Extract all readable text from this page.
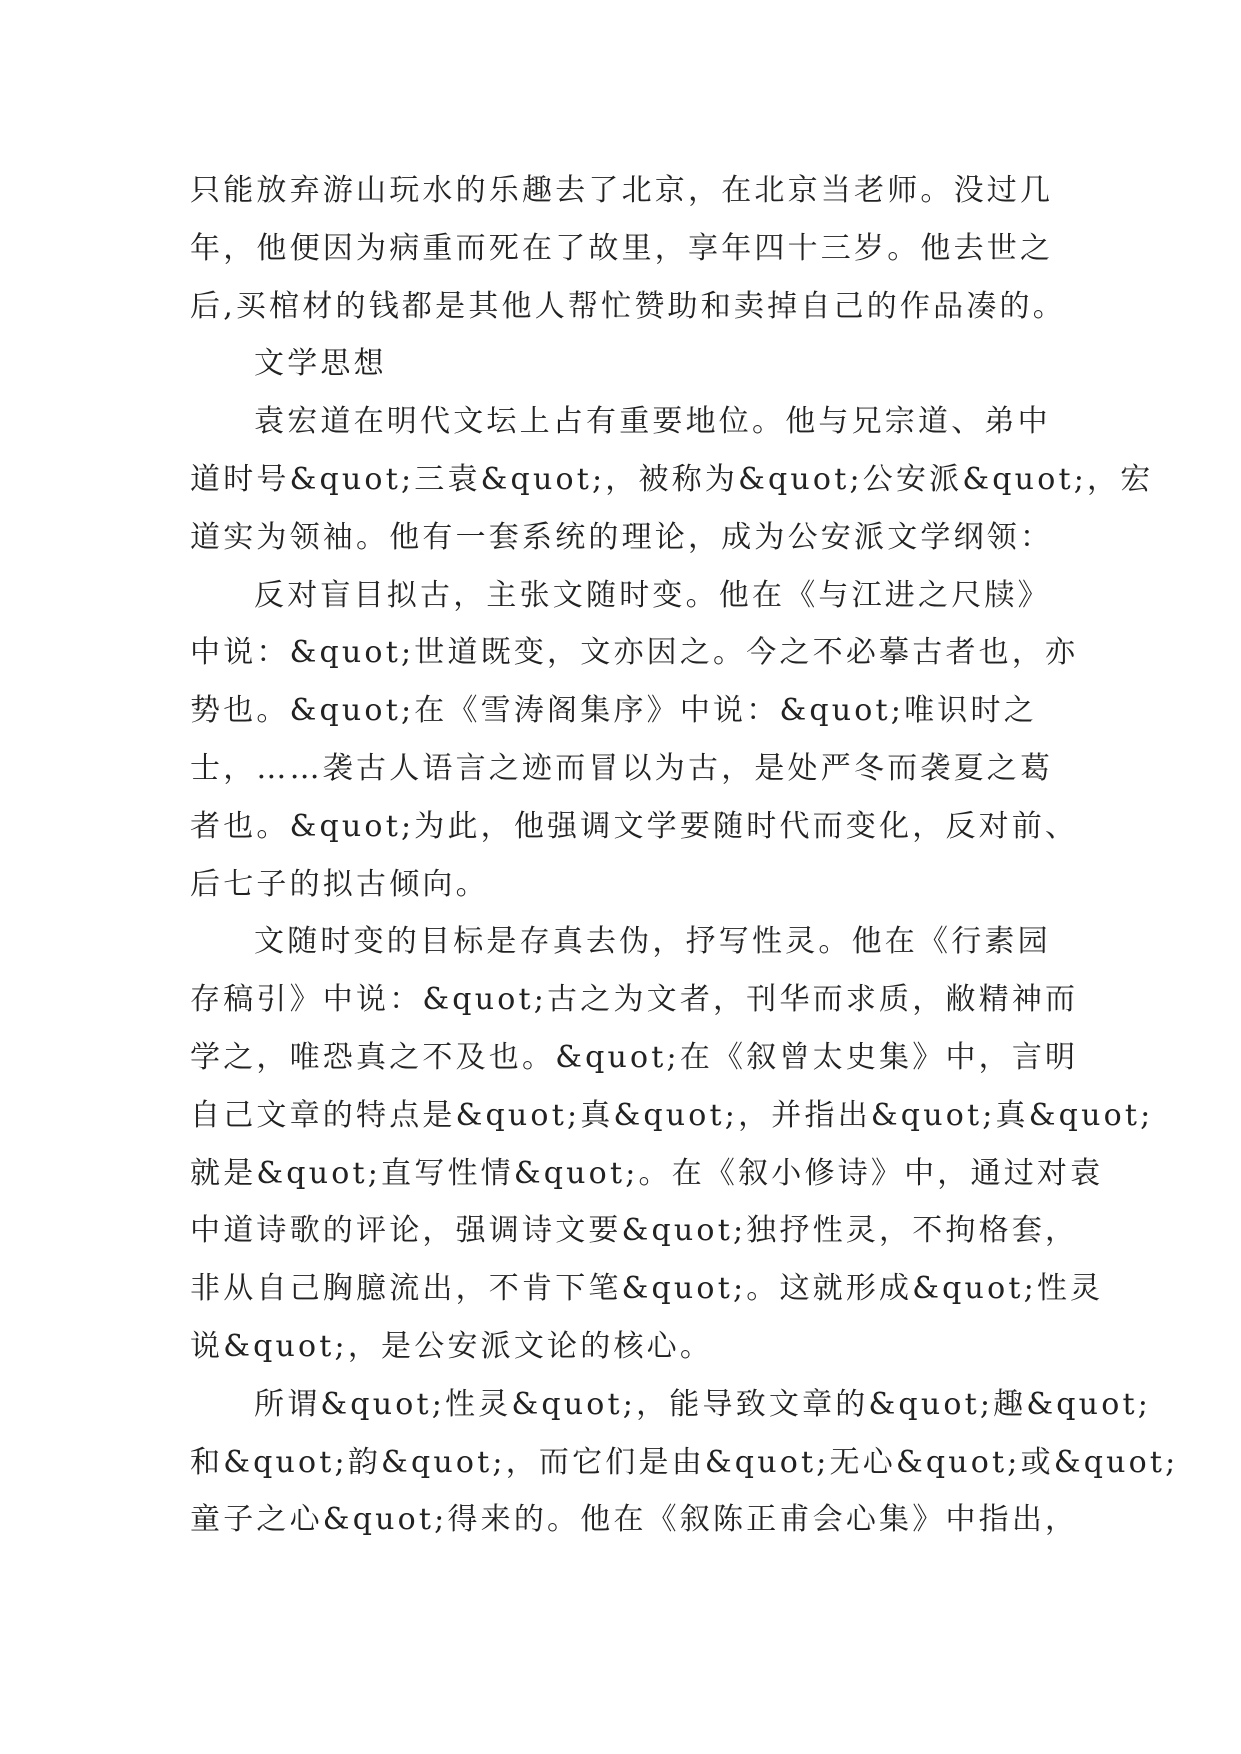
只能放弃游山玩水的乐趣去了北京，在北京当老师。没过几
年，他便因为病重而死在了故里，享年四十三岁。他去世之
后,买棺材的钱都是其他人帮忙赞助和卖掉自己的作品凑的。
文学思想
袁宏道在明代文坛上占有重要地位。他与兄宗道、弟中
道时号&quot;三袁&quot;，被称为&quot;公安派&quot;，宏
道实为领袖。他有一套系统的理论，成为公安派文学纲领：
反对盲目拟古，主张文随时变。他在《与江进之尺牍》
中说：&quot;世道既变，文亦因之。今之不必摹古者也，亦
势也。&quot;在《雪涛阁集序》中说：&quot;唯识时之
士，……袭古人语言之迹而冒以为古，是处严冬而袭夏之葛
者也。&quot;为此，他强调文学要随时代而变化，反对前、
后七子的拟古倾向。
文随时变的目标是存真去伪，抒写性灵。他在《行素园
存稿引》中说：&quot;古之为文者，刊华而求质，敝精神而
学之，唯恐真之不及也。&quot;在《叙曾太史集》中，言明
自己文章的特点是&quot;真&quot;，并指出&quot;真&quot;
就是&quot;直写性情&quot;。在《叙小修诗》中，通过对袁
中道诗歌的评论，强调诗文要&quot;独抒性灵，不拘格套，
非从自己胸臆流出，不肯下笔&quot;。这就形成&quot;性灵
说&quot;，是公安派文论的核心。
所谓&quot;性灵&quot;，能导致文章的&quot;趣&quot;
和&quot;韵&quot;，而它们是由&quot;无心&quot;或&quot;
童子之心&quot;得来的。他在《叙陈正甫会心集》中指出，
